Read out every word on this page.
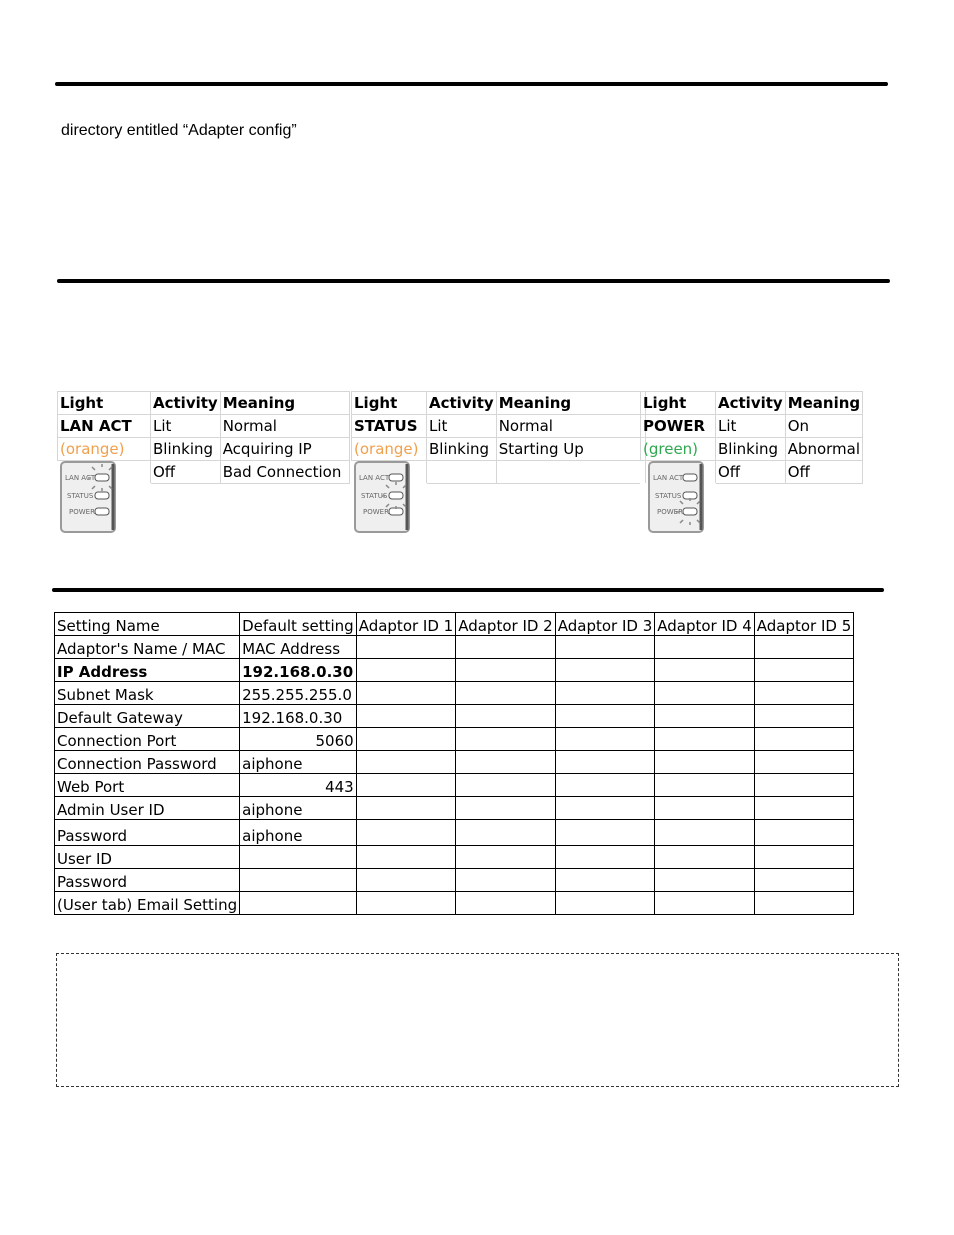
directory entitled “Adapter config”
Light	Activity	Meaning
LAN ACT	Lit	Normal
(orange)	Blinking	Acquiring IP
	Off	Bad Connection

LAN ACT
STATUS
POWER		
Light	Activity	Meaning
STATUS	Lit	Normal
(orange)	Blinking	Starting Up

LAN ACT
STATUS
POWER		
Light	Activity	Meaning
POWER	Lit	On
(green)	Blinking	Abnormal
	Off	Off

LAN ACT
STATUS
POWER		
Setting Name	Default setting	Adaptor ID 1	Adaptor ID 2	Adaptor ID 3	Adaptor ID 4	Adaptor ID 5
Adaptor's Name / MAC	MAC Address					
IP Address	192.168.0.30					
Subnet Mask	255.255.255.0					
Default Gateway	192.168.0.30					
Connection Port	5060					
Connection Password	aiphone					
Web Port	443					
Admin User ID	aiphone					
Password	aiphone					
User ID						
Password						
(User tab) Email Setting						
